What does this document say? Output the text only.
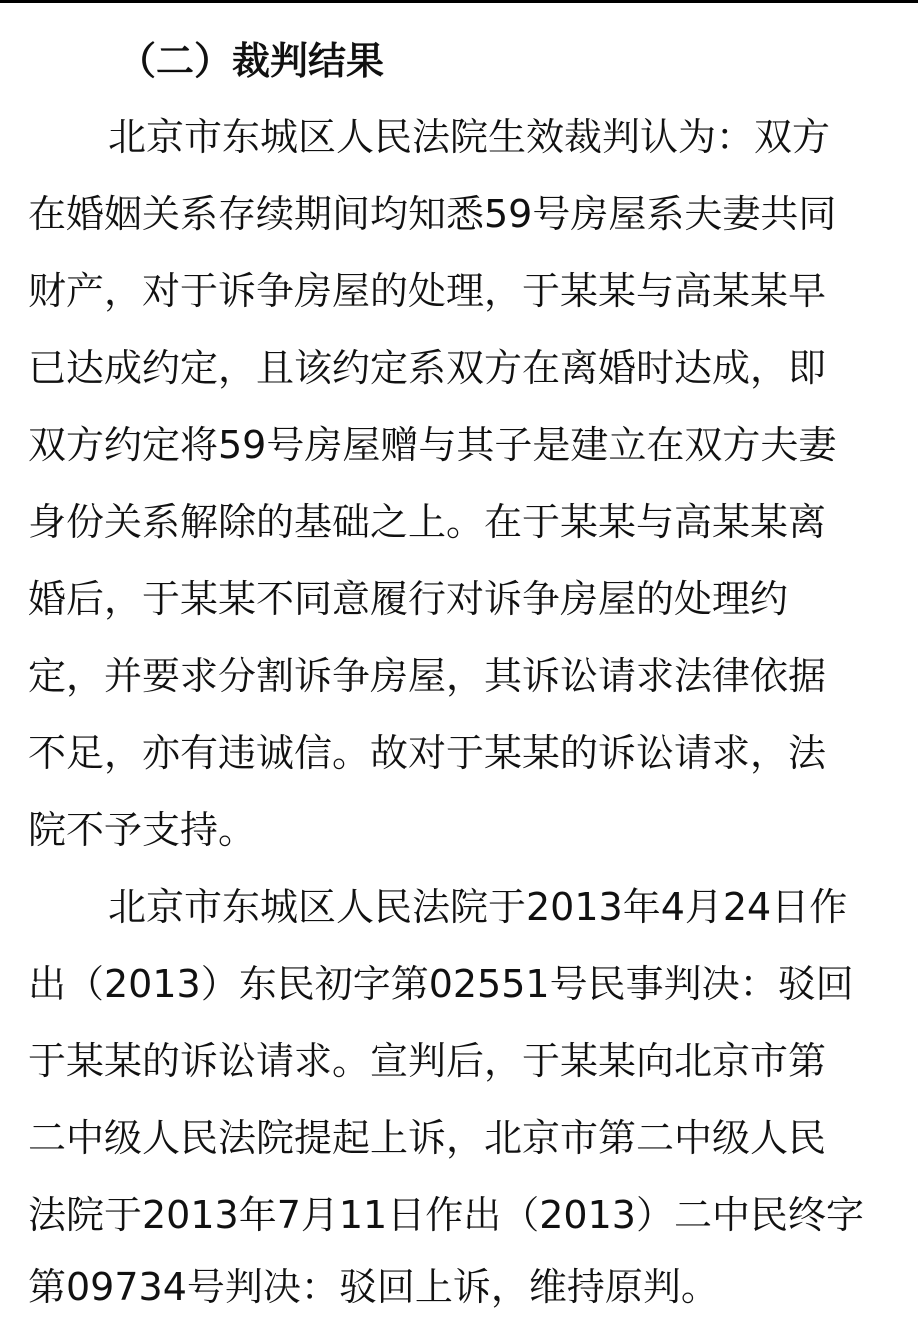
（二）裁判结果
北京市东城区人民法院生效裁判认为：双方
在婚姻关系存续期间均知悉59号房屋系夫妻共同
财产，对于诉争房屋的处理，于某某与高某某早
已达成约定，且该约定系双方在离婚时达成，即
双方约定将59号房屋赠与其子是建立在双方夫妻
身份关系解除的基础之上。在于某某与高某某离
婚后，于某某不同意履行对诉争房屋的处理约
定，并要求分割诉争房屋，其诉讼请求法律依据
不足，亦有违诚信。故对于某某的诉讼请求，法
院不予支持。
北京市东城区人民法院于2013年4月24日作
出（2013）东民初字第02551号民事判决：驳回
于某某的诉讼请求。宣判后，于某某向北京市第
二中级人民法院提起上诉，北京市第二中级人民
法院于2013年7月11日作出（2013）二中民终字
第09734号判决：驳回上诉，维持原判。
